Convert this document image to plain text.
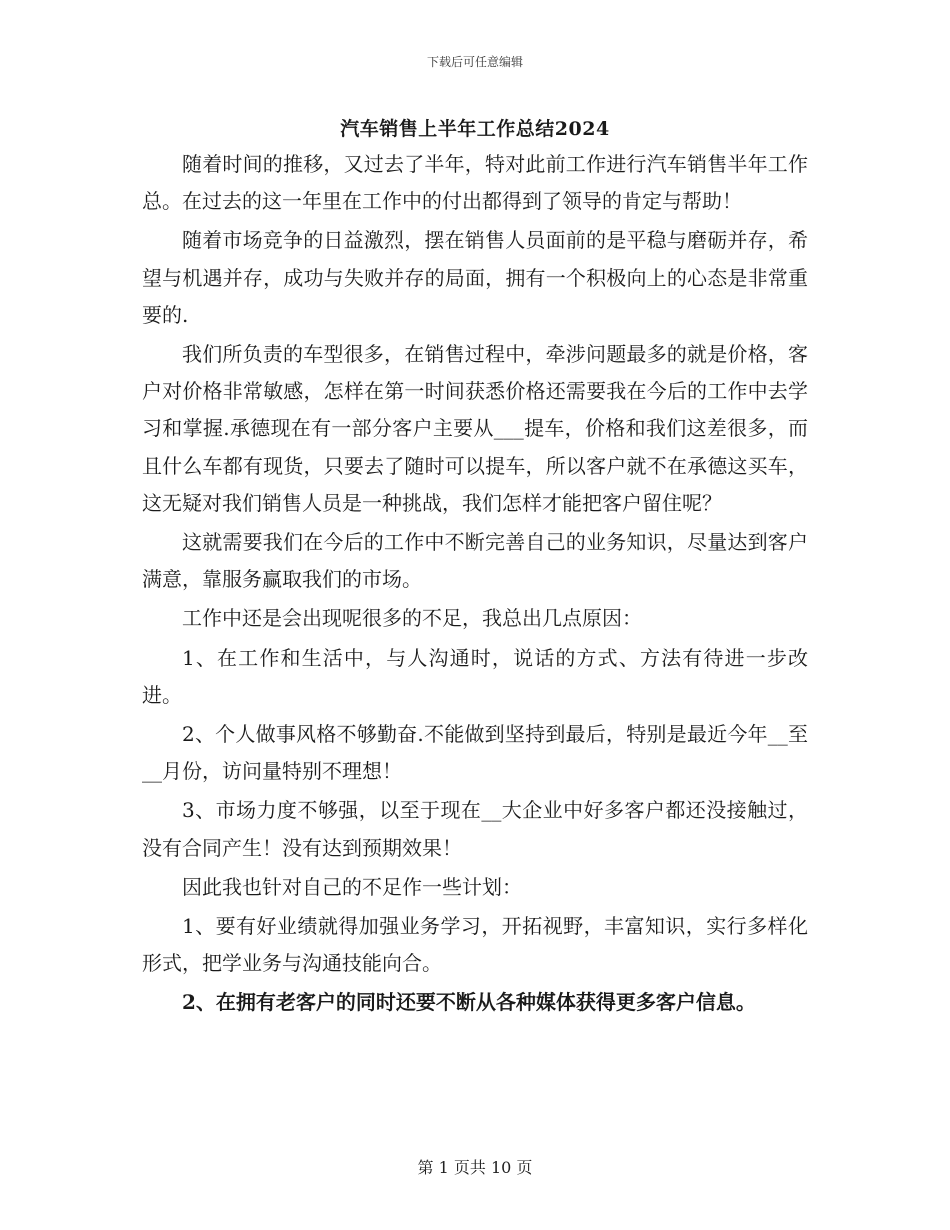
下载后可任意编辑
汽车销售上半年工作总结2024

随着时间的推移，又过去了半年，特对此前工作进行汽车销售半年工作总。在过去的这一年里在工作中的付出都得到了领导的肯定与帮助！

随着市场竞争的日益激烈，摆在销售人员面前的是平稳与磨砺并存，希望与机遇并存，成功与失败并存的局面，拥有一个积极向上的心态是非常重要的.

我们所负责的车型很多，在销售过程中，牵涉问题最多的就是价格，客户对价格非常敏感，怎样在第一时间获悉价格还需要我在今后的工作中去学习和掌握.承德现在有一部分客户主要从___提车，价格和我们这差很多，而且什么车都有现货，只要去了随时可以提车，所以客户就不在承德这买车，这无疑对我们销售人员是一种挑战，我们怎样才能把客户留住呢？

这就需要我们在今后的工作中不断完善自己的业务知识，尽量达到客户满意，靠服务赢取我们的市场。

工作中还是会出现呢很多的不足，我总出几点原因：

1、在工作和生活中，与人沟通时，说话的方式、方法有待进一步改进。

2、个人做事风格不够勤奋.不能做到坚持到最后，特别是最近今年__至__月份，访问量特别不理想！

3、市场力度不够强，以至于现在__大企业中好多客户都还没接触过，没有合同产生！没有达到预期效果！

因此我也针对自己的不足作一些计划：

1、要有好业绩就得加强业务学习，开拓视野，丰富知识，实行多样化形式，把学业务与沟通技能向合。

2、在拥有老客户的同时还要不断从各种媒体获得更多客户信息。

第 1 页共 10 页
